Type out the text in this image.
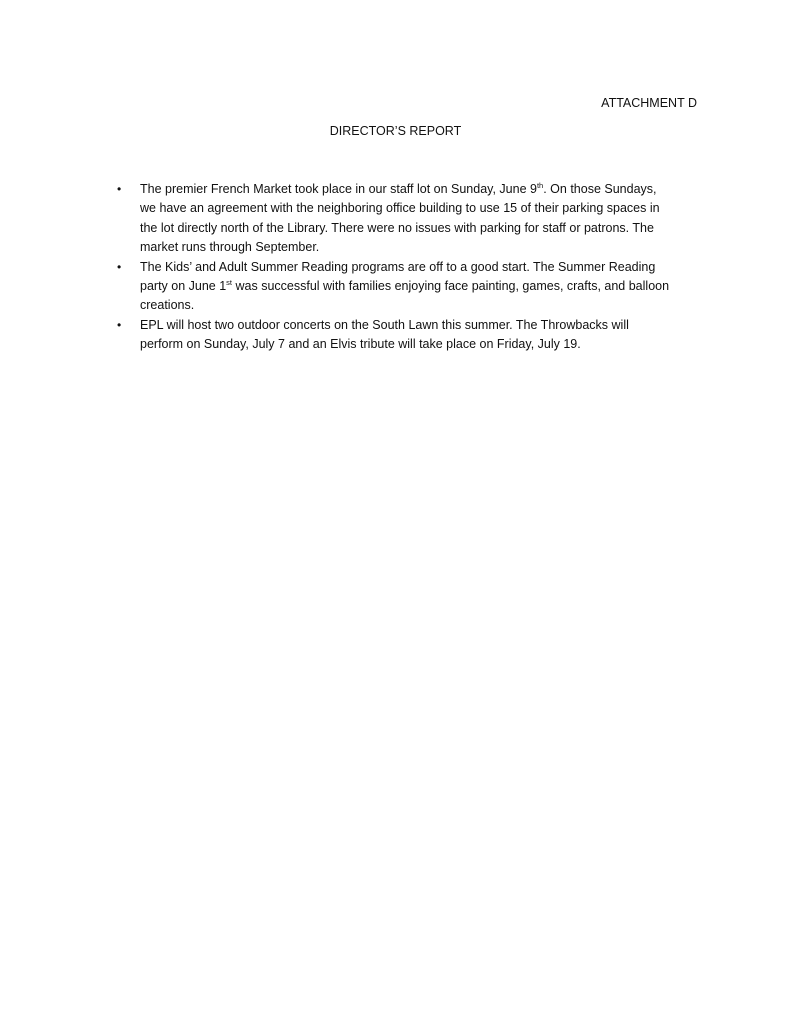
ATTACHMENT D
DIRECTOR’S REPORT
• The premier French Market took place in our staff lot on Sunday, June 9th. On those Sundays,
we have an agreement with the neighboring office building to use 15 of their parking spaces in
the lot directly north of the Library. There were no issues with parking for staff or patrons. The
market runs through September.
• The Kids’ and Adult Summer Reading programs are off to a good start. The Summer Reading
party on June 1st was successful with families enjoying face painting, games, crafts, and balloon
creations.
• EPL will host two outdoor concerts on the South Lawn this summer. The Throwbacks will
perform on Sunday, July 7 and an Elvis tribute will take place on Friday, July 19.
